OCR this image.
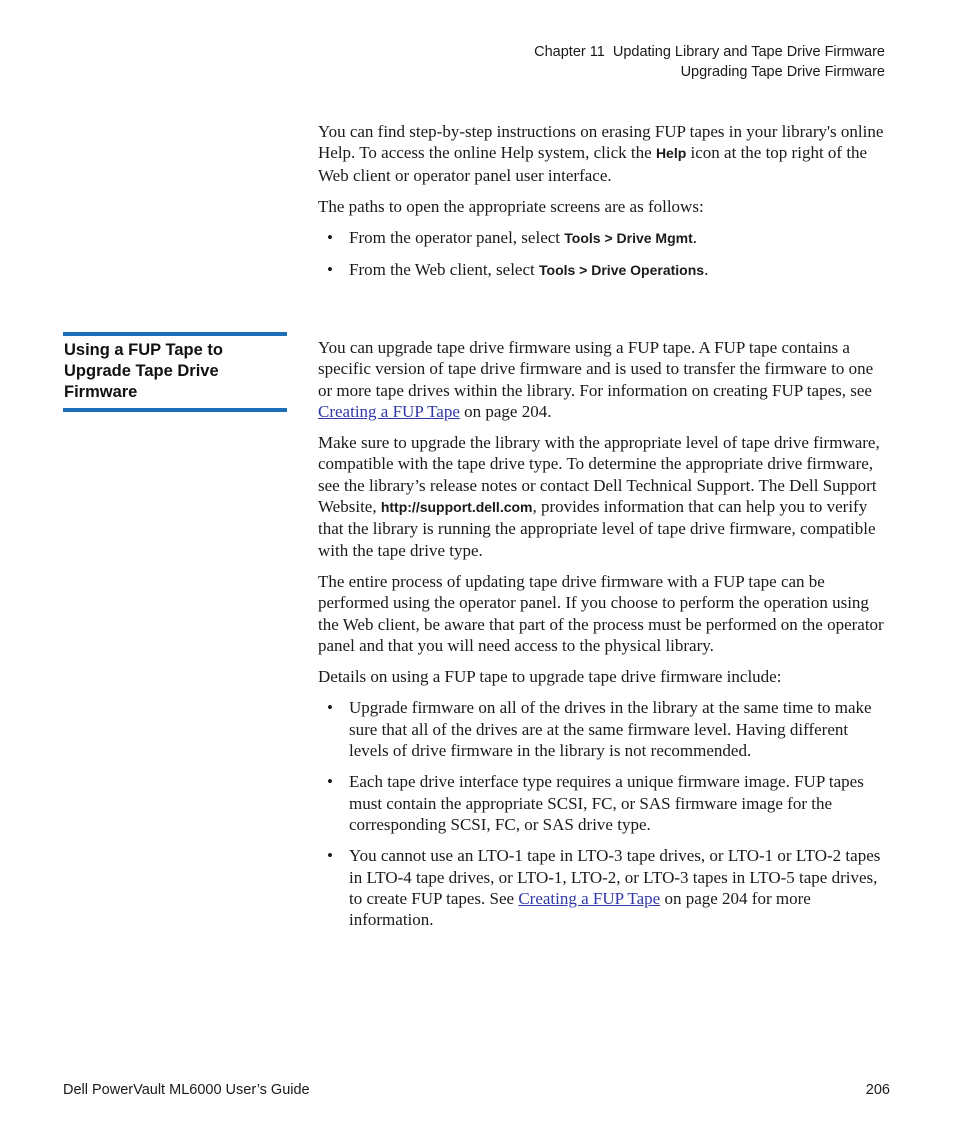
Chapter 11  Updating Library and Tape Drive Firmware
Upgrading Tape Drive Firmware

You can find step-by-step instructions on erasing FUP tapes in your library's online Help. To access the online Help system, click the Help icon at the top right of the Web client or operator panel user interface.

The paths to open the appropriate screens are as follows:

• From the operator panel, select Tools > Drive Mgmt.
• From the Web client, select Tools > Drive Operations.
Using a FUP Tape to Upgrade Tape Drive Firmware

You can upgrade tape drive firmware using a FUP tape. A FUP tape contains a specific version of tape drive firmware and is used to transfer the firmware to one or more tape drives within the library. For information on creating FUP tapes, see Creating a FUP Tape on page 204.

Make sure to upgrade the library with the appropriate level of tape drive firmware, compatible with the tape drive type. To determine the appropriate drive firmware, see the library’s release notes or contact Dell Technical Support. The Dell Support Website, http://support.dell.com, provides information that can help you to verify that the library is running the appropriate level of tape drive firmware, compatible with the tape drive type.

The entire process of updating tape drive firmware with a FUP tape can be performed using the operator panel. If you choose to perform the operation using the Web client, be aware that part of the process must be performed on the operator panel and that you will need access to the physical library.

Details on using a FUP tape to upgrade tape drive firmware include:

• Upgrade firmware on all of the drives in the library at the same time to make sure that all of the drives are at the same firmware level. Having different levels of drive firmware in the library is not recommended.
• Each tape drive interface type requires a unique firmware image. FUP tapes must contain the appropriate SCSI, FC, or SAS firmware image for the corresponding SCSI, FC, or SAS drive type.
• You cannot use an LTO-1 tape in LTO-3 tape drives, or LTO-1 or LTO-2 tapes in LTO-4 tape drives, or LTO-1, LTO-2, or LTO-3 tapes in LTO-5 tape drives, to create FUP tapes. See Creating a FUP Tape on page 204 for more information.
Dell PowerVault ML6000 User’s Guide	206
